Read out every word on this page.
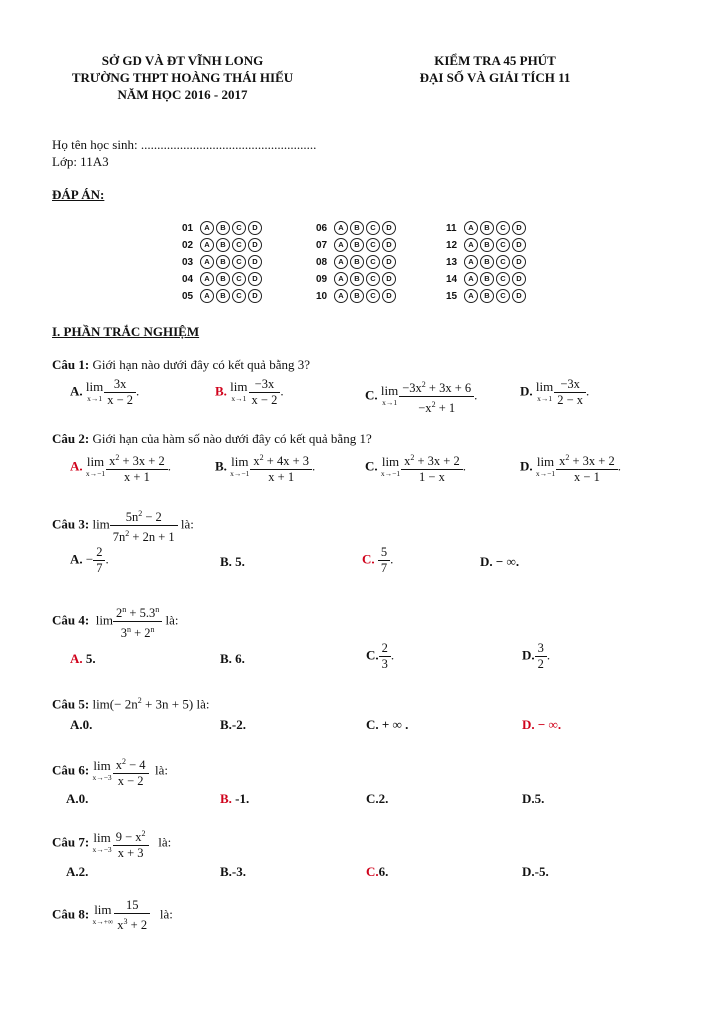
SỞ GD VÀ ĐT VĨNH LONG
TRƯỜNG THPT HOÀNG THÁI HIẾU
NĂM HỌC 2016 - 2017
KIỂM TRA 45 PHÚT
ĐẠI SỐ VÀ GIẢI TÍCH 11
Họ tên học sinh: ......................................................
Lớp: 11A3
ĐÁP ÁN:
01 A B C D
02 A B C D
03 A B C D
04 A B C D
05 A B C D
06 A B C D
07 A B C D
08 A B C D
09 A B C D
10 A B C D
11 A B C D
12 A B C D
13 A B C D
14 A B C D
15 A B C D
I. PHẦN TRẮC NGHIỆM
Câu 1: Giới hạn nào dưới đây có kết quả bằng 3?
A. lim
$x\to 1 \frac{3x}{x - 2}$ .	B. lim
$x\to 1 \frac{-3x}{x - 2}$ .	C. lim
$x\to 1 \frac{-3x^2 + 3x + 6}{-x^2 + 1}$ .	D. lim
$x\to 1 \frac{-3x}{2 - x}$ .
Câu 2: Giới hạn của hàm số nào dưới đây có kết quả bằng 1?
A. lim
$x\to-1 \frac{x^2 + 3x + 2}{x + 1}$ .	B. lim
$x\to-1 \frac{x^2 + 4x + 3}{x + 1}$ .	C. lim
$x\to-1 \frac{x^2 + 3x + 2}{1 - x}$ .	D. lim
$x\to-1 \frac{x^2 + 3x + 2}{x - 1}$ .
Câu 3: $\lim \frac{5n^2 - 2}{7n^2 + 2n + 1}$ là:
A. − $\frac{2}{7}$ .	B. 5.	C. $\frac{5}{7}$ .	D. − ∞.
Câu 4:  $\lim \frac{2^n + 5.3^n}{3^n + 2^n}$ là:
A. 5.	B. 6.	C. $\frac{2}{3}$ .	D. $\frac{3}{2}$ .
Câu 5: $\lim(- 2n^2 + 3n + 5)$ là:
A.0.	B.-2.	C. + ∞ .	D. − ∞.
Câu 6: lim
$x\to-3 \frac{x^2 - 4}{x - 2}$ là:
A.0.	B. -1.	C.2.	D.5.
Câu 7: lim
$x\to-3 \frac{9 - x^2}{x + 3}$ là:
A.2.	B.-3.	C.6.	D.-5.
Câu 8: lim
$x\to+\infty \frac{15}{x^3 + 2}$ là:
